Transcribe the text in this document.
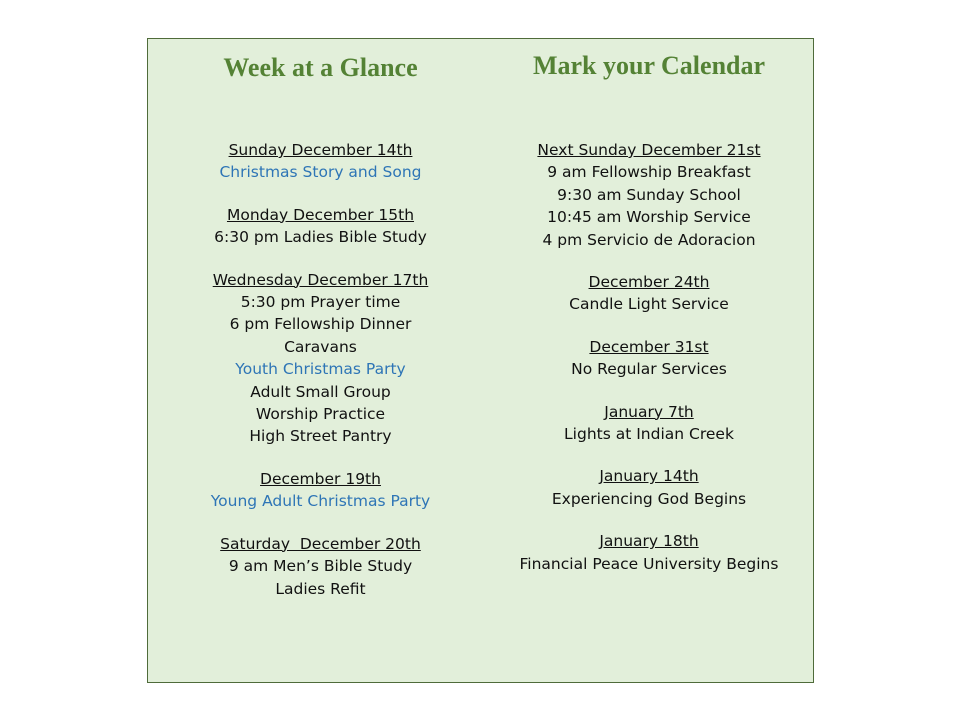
Week at a Glance
Sunday December 14th
Christmas Story and Song
Monday December 15th
6:30 pm Ladies Bible Study
Wednesday December 17th
5:30 pm Prayer time
6 pm Fellowship Dinner
Caravans
Youth Christmas Party
Adult Small Group
Worship Practice
High Street Pantry
December 19th
Young Adult Christmas Party
Saturday  December 20th
9 am Men’s Bible Study
Ladies Refit
Mark your Calendar
Next Sunday December 21st
9 am Fellowship Breakfast
9:30 am Sunday School
10:45 am Worship Service
4 pm Servicio de Adoracion
December 24th
Candle Light Service
December 31st
No Regular Services
January 7th
Lights at Indian Creek
January 14th
Experiencing God Begins
January 18th
Financial Peace University Begins
